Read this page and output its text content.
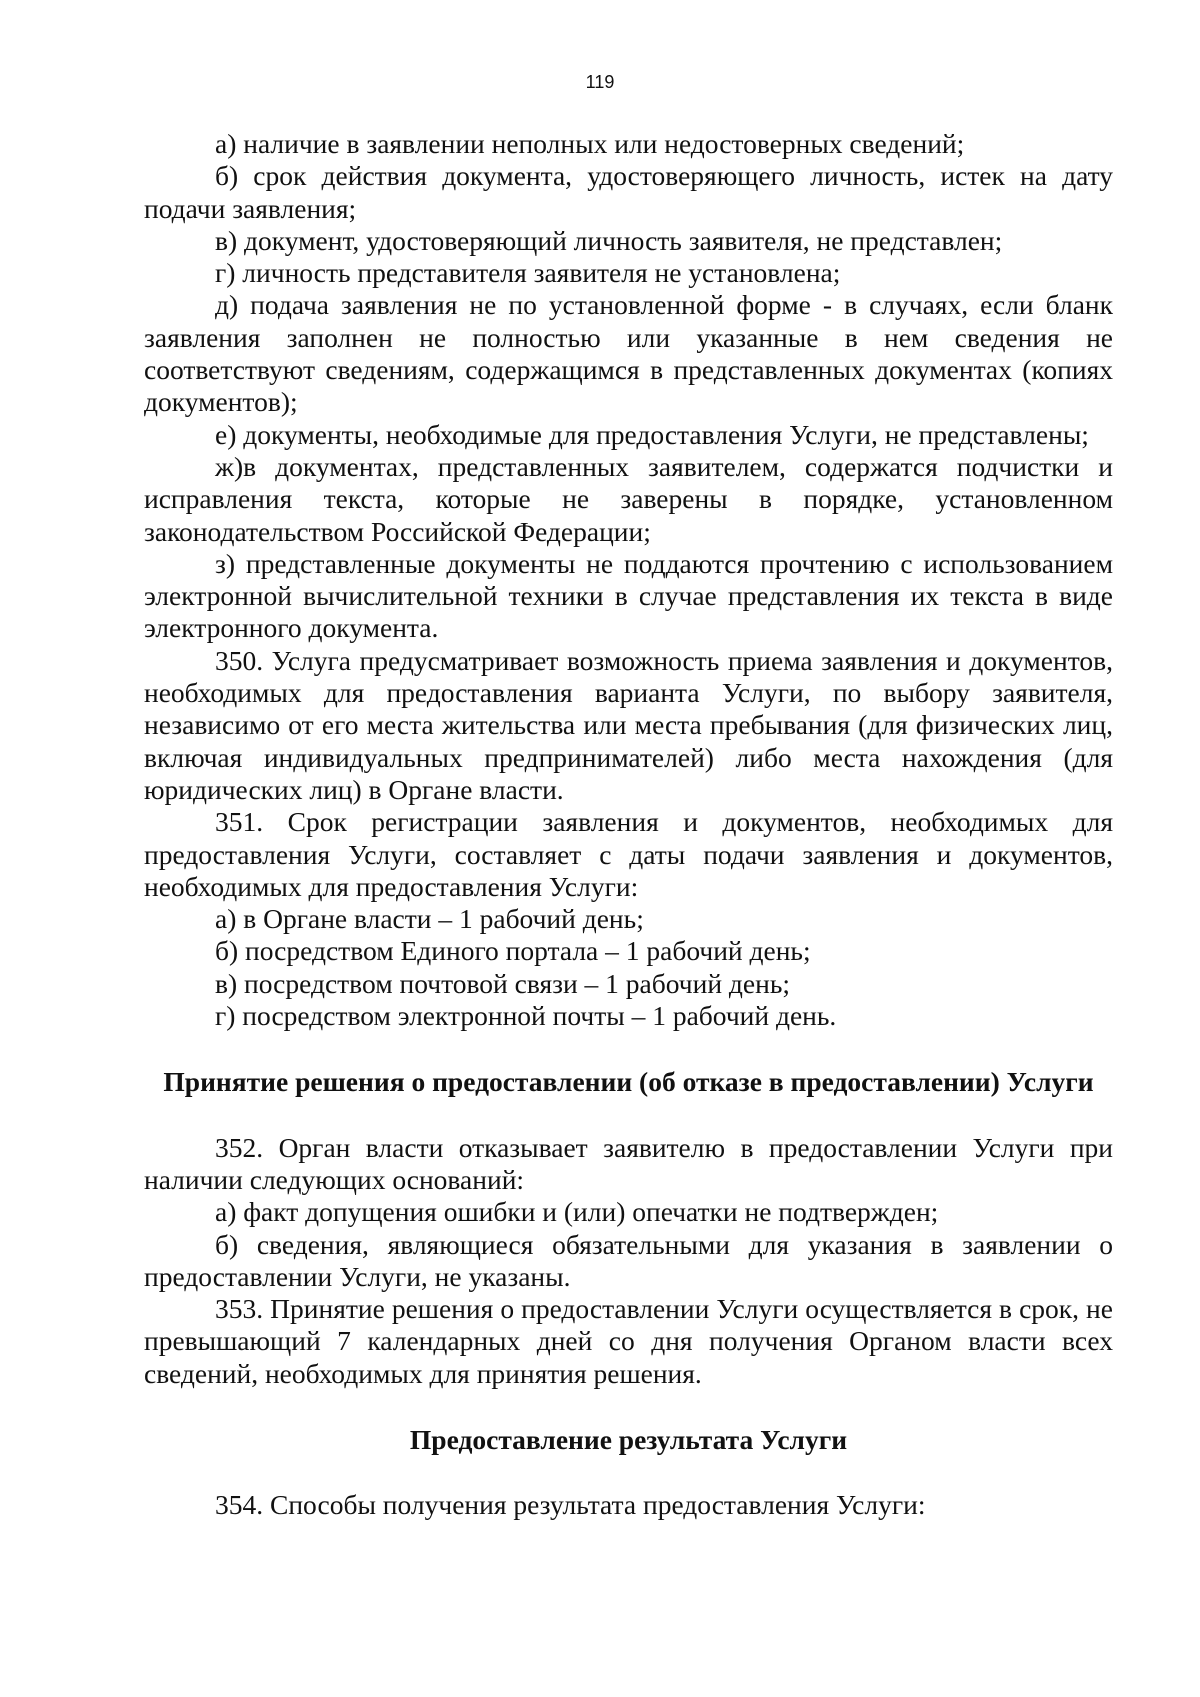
119

а) наличие в заявлении неполных или недостоверных сведений;

б) срок действия документа, удостоверяющего личность, истек на дату подачи заявления;

в) документ, удостоверяющий личность заявителя, не представлен;

г) личность представителя заявителя не установлена;

д) подача заявления не по установленной форме - в случаях, если бланк заявления заполнен не полностью или указанные в нем сведения не соответствуют сведениям, содержащимся в представленных документах (копиях документов);

е) документы, необходимые для предоставления Услуги, не представлены;

ж)в документах, представленных заявителем, содержатся подчистки и исправления текста, которые не заверены в порядке, установленном законодательством Российской Федерации;

з) представленные документы не поддаются прочтению с использованием электронной вычислительной техники в случае представления их текста в виде электронного документа.

350. Услуга предусматривает возможность приема заявления и документов, необходимых для предоставления варианта Услуги, по выбору заявителя, независимо от его места жительства или места пребывания (для физических лиц, включая индивидуальных предпринимателей) либо места нахождения (для юридических лиц) в Органе власти.

351. Срок регистрации заявления и документов, необходимых для предоставления Услуги, составляет с даты подачи заявления и документов, необходимых для предоставления Услуги:

а) в Органе власти – 1 рабочий день;

б) посредством Единого портала – 1 рабочий день;

в) посредством почтовой связи – 1 рабочий день;

г) посредством электронной почты – 1 рабочий день.

Принятие решения о предоставлении (об отказе в предоставлении) Услуги

352. Орган власти отказывает заявителю в предоставлении Услуги при наличии следующих оснований:

а) факт допущения ошибки и (или) опечатки не подтвержден;

б) сведения, являющиеся обязательными для указания в заявлении о предоставлении Услуги, не указаны.

353. Принятие решения о предоставлении Услуги осуществляется в срок, не превышающий 7 календарных дней со дня получения Органом власти всех сведений, необходимых для принятия решения.

Предоставление результата Услуги

354. Способы получения результата предоставления Услуги:
